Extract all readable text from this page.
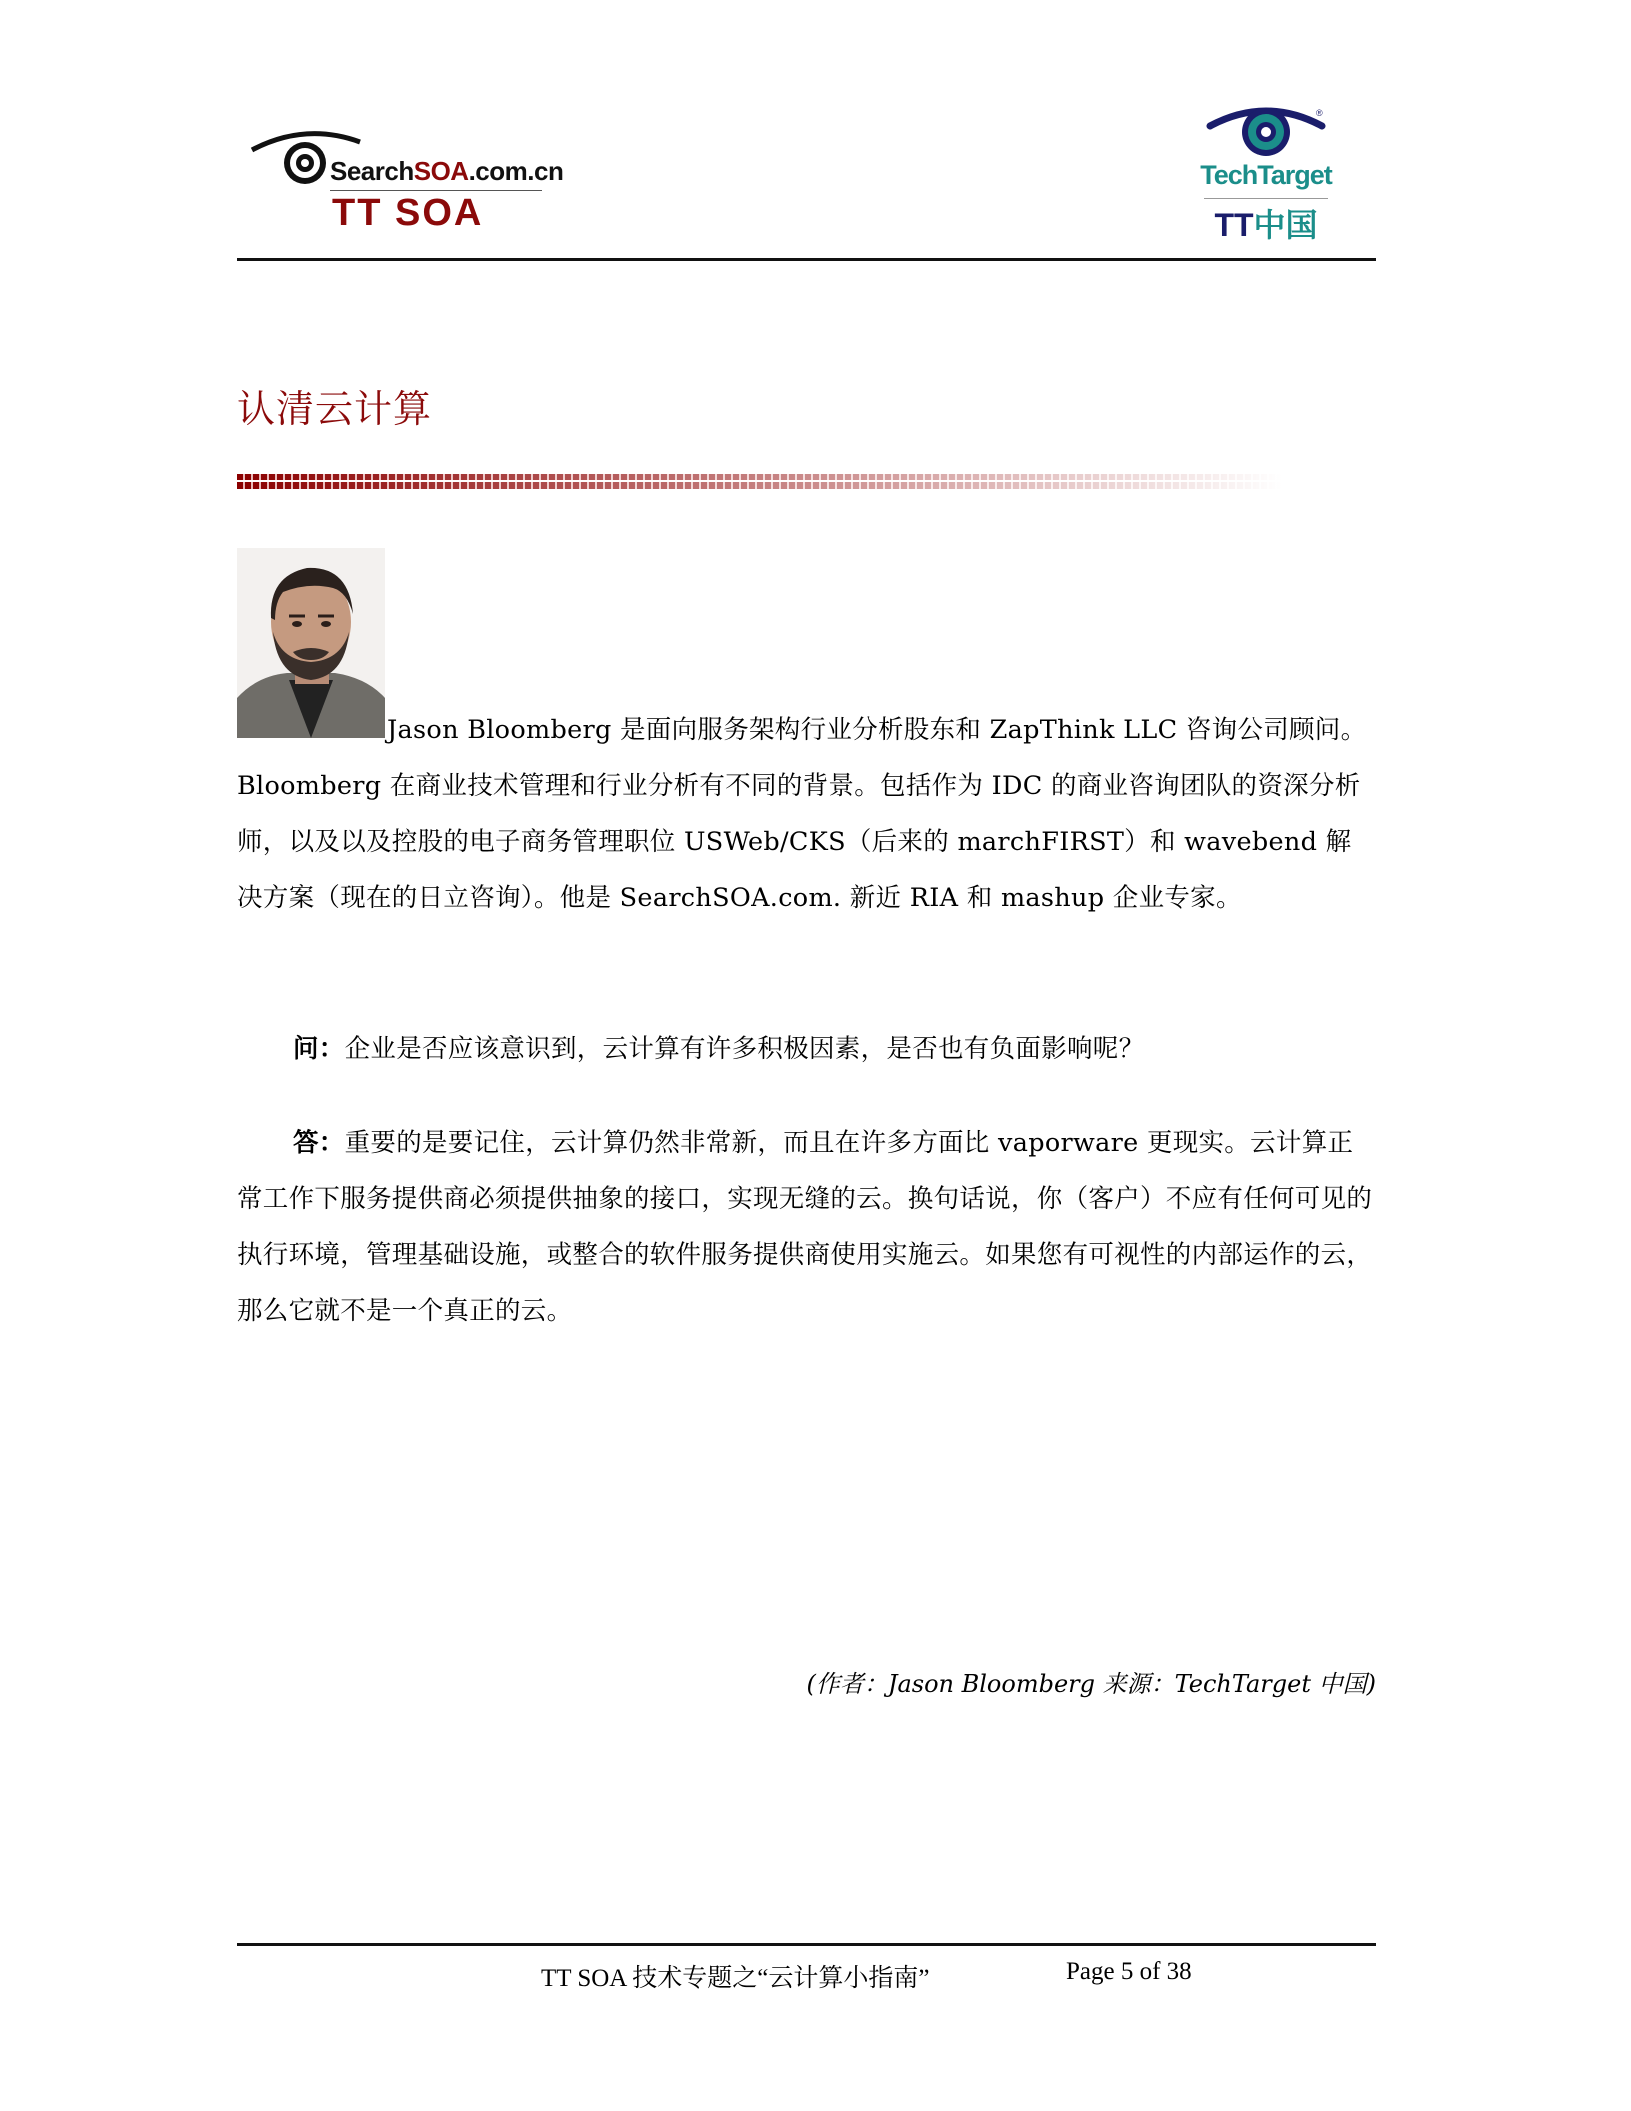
SearchSOA.com.cn
TT SOA
®
TechTarget
TT中国
认清云计算

Jason Bloomberg 是面向服务架构行业分析股东和 ZapThink LLC 咨询公司顾问。Bloomberg 在商业技术管理和行业分析有不同的背景。包括作为 IDC 的商业咨询团队的资深分析师，以及以及控股的电子商务管理职位 USWeb/CKS（后来的 marchFIRST）和 wavebend 解决方案（现在的日立咨询）。他是 SearchSOA.com. 新近 RIA 和 mashup 企业专家。

问：企业是否应该意识到，云计算有许多积极因素，是否也有负面影响呢？

答：重要的是要记住，云计算仍然非常新，而且在许多方面比 vaporware 更现实。云计算正常工作下服务提供商必须提供抽象的接口，实现无缝的云。换句话说，你（客户）不应有任何可见的执行环境，管理基础设施，或整合的软件服务提供商使用实施云。如果您有可视性的内部运作的云，那么它就不是一个真正的云。

(作者：Jason Bloomberg 来源：TechTarget 中国)
TT SOA 技术专题之“云计算小指南”	Page 5 of 38
